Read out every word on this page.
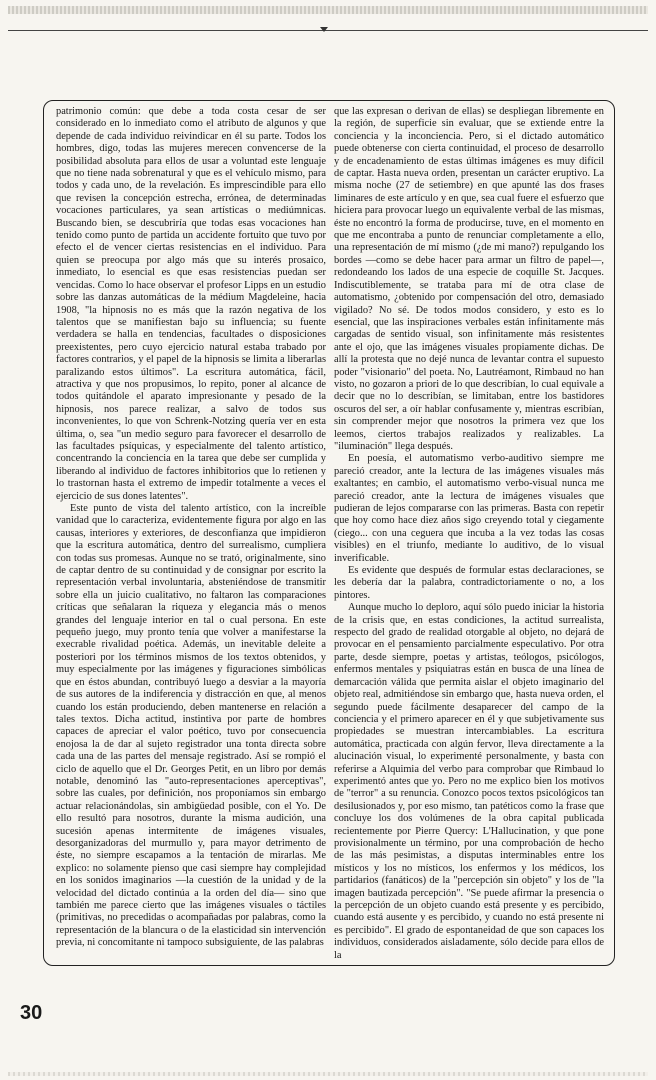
patrimonio común: que debe a toda costa cesar de ser considerado en lo inmediato como el atributo de algunos y que depende de cada individuo reivindicar en él su parte. Todos los hombres, digo, todas las mujeres merecen convencerse de la posibilidad absoluta para ellos de usar a voluntad este lenguaje que no tiene nada sobrenatural y que es el vehículo mismo, para todos y cada uno, de la revelación. Es imprescindible para ello que revisen la concepción estrecha, errónea, de determinadas vocaciones particulares, ya sean artísticas o mediúmnicas. Buscando bien, se descubriría que todas esas vocaciones han tenido como punto de partida un accidente fortuito que tuvo por efecto el de vencer ciertas resistencias en el individuo. Para quien se preocupa por algo más que su interés prosaico, inmediato, lo esencial es que esas resistencias puedan ser vencidas. Como lo hace observar el profesor Lipps en un estudio sobre las danzas automáticas de la médium Magdeleine, hacia 1908, "la hipnosis no es más que la razón negativa de los talentos que se manifiestan bajo su influencia; su fuente verdadera se halla en tendencias, facultades o disposiciones preexistentes, pero cuyo ejercicio natural estaba trabado por factores contrarios, y el papel de la hipnosis se limita a liberarlas paralizando estos últimos". La escritura automática, fácil, atractiva y que nos propusimos, lo repito, poner al alcance de todos quitándole el aparato impresionante y pesado de la hipnosis, nos parece realizar, a salvo de todos sus inconvenientes, lo que von Schrenk-Notzing quería ver en esta última, o, sea "un medio seguro para favorecer el desarrollo de las facultades psíquicas, y especialmente del talento artístico, concentrando la conciencia en la tarea que debe ser cumplida y liberando al individuo de factores inhibitorios que lo retienen y lo trastornan hasta el extremo de impedir totalmente a veces el ejercicio de sus dones latentes".

Este punto de vista del talento artístico, con la increíble vanidad que lo caracteriza, evidentemente figura por algo en las causas, interiores y exteriores, de desconfianza que impidieron que la escritura automática, dentro del surrealismo, cumpliera con todas sus promesas. Aunque no se trató, originalmente, sino de captar dentro de su continuidad y de consignar por escrito la representación verbal involuntaria, absteniéndose de transmitir sobre ella un juicio cualitativo, no faltaron las comparaciones críticas que señalaran la riqueza y elegancia más o menos grandes del lenguaje interior en tal o cual persona. En este pequeño juego, muy pronto tenía que volver a manifestarse la execrable rivalidad poética. Además, un inevitable deleite a posteriori por los términos mismos de los textos obtenidos, y muy especialmente por las imágenes y figuraciones simbólicas que en éstos abundan, contribuyó luego a desviar a la mayoría de sus autores de la indiferencia y distracción en que, al menos cuando los están produciendo, deben mantenerse en relación a tales textos. Dicha actitud, instintiva por parte de hombres capaces de apreciar el valor poético, tuvo por consecuencia enojosa la de dar al sujeto registrador una tonta directa sobre cada una de las partes del mensaje registrado. Así se rompió el ciclo de aquello que el Dr. Georges Petit, en un libro por demás notable, denominó las "auto-representaciones aperceptivas", sobre las cuales, por definición, nos proponíamos sin embargo actuar relacionándolas, sin ambigüedad posible, con el Yo. De ello resultó para nosotros, durante la misma audición, una sucesión apenas intermitente de imágenes visuales, desorganizadoras del murmullo y, para mayor detrimento de éste, no siempre escapamos a la tentación de mirarlas. Me explico: no solamente pienso que casi siempre hay complejidad en los sonidos imaginarios —la cuestión de la unidad y de la velocidad del dictado continúa a la orden del día— sino que también me parece cierto que las imágenes visuales o táctiles (primitivas, no precedidas o acompañadas por palabras, como la representación de la blancura o de la elasticidad sin intervención previa, ni concomitante ni tampoco subsiguiente, de las palabras

que las expresan o derivan de ellas) se despliegan libremente en la región, de superficie sin evaluar, que se extiende entre la conciencia y la inconciencia. Pero, si el dictado automático puede obtenerse con cierta continuidad, el proceso de desarrollo y de encadenamiento de estas últimas imágenes es muy difícil de captar. Hasta nueva orden, presentan un carácter eruptivo. La misma noche (27 de setiembre) en que apunté las dos frases liminares de este artículo y en que, sea cual fuere el esfuerzo que hiciera para provocar luego un equivalente verbal de las mismas, éste no encontró la forma de producirse, tuve, en el momento en que me encontraba a punto de renunciar completamente a ello, una representación de mí mismo (¿de mi mano?) repulgando los bordes —como se debe hacer para armar un filtro de papel—, redondeando los lados de una especie de coquille St. Jacques. Indiscutiblemente, se trataba para mí de otra clase de automatismo, ¿obtenido por compensación del otro, demasiado vigilado? No sé. De todos modos considero, y esto es lo esencial, que las inspiraciones verbales están infinitamente más cargadas de sentido visual, son infinitamente más resistentes ante el ojo, que las imágenes visuales propiamente dichas. De allí la protesta que no dejé nunca de levantar contra el supuesto poder "visionario" del poeta. No, Lautréamont, Rimbaud no han visto, no gozaron a priori de lo que describían, lo cual equivale a decir que no lo describían, se limitaban, entre los bastidores oscuros del ser, a oír hablar confusamente y, mientras escribían, sin comprender mejor que nosotros la primera vez que los leemos, ciertos trabajos realizados y realizables. La "iluminación" llega después.

En poesía, el automatismo verbo-auditivo siempre me pareció creador, ante la lectura de las imágenes visuales más exaltantes; en cambio, el automatismo verbo-visual nunca me pareció creador, ante la lectura de imágenes visuales que pudieran de lejos compararse con las primeras. Basta con repetir que hoy como hace diez años sigo creyendo total y ciegamente (ciego... con una ceguera que incuba a la vez todas las cosas visibles) en el triunfo, mediante lo auditivo, de lo visual inverificable.

Es evidente que después de formular estas declaraciones, se les debería dar la palabra, contradictoriamente o no, a los pintores.

Aunque mucho lo deploro, aquí sólo puedo iniciar la historia de la crisis que, en estas condiciones, la actitud surrealista, respecto del grado de realidad otorgable al objeto, no dejará de provocar en el pensamiento parcialmente especulativo. Por otra parte, desde siempre, poetas y artistas, teólogos, psicólogos, enfermos mentales y psiquiatras están en busca de una línea de demarcación válida que permita aislar el objeto imaginario del objeto real, admitiéndose sin embargo que, hasta nueva orden, el segundo puede fácilmente desaparecer del campo de la conciencia y el primero aparecer en él y que subjetivamente sus propiedades se muestran intercambiables. La escritura automática, practicada con algún fervor, lleva directamente a la alucinación visual, lo experimenté personalmente, y basta con referirse a Alquimia del verbo para comprobar que Rimbaud lo experimentó antes que yo. Pero no me explico bien los motivos de "terror" a su renuncia. Conozco pocos textos psicológicos tan desilusionados y, por eso mismo, tan patéticos como la frase que concluye los dos volúmenes de la obra capital publicada recientemente por Pierre Quercy: L'Hallucination, y que pone provisionalmente un término, por una comprobación de hecho de las más pesimistas, a disputas interminables entre los místicos y los no místicos, los enfermos y los médicos, los partidarios (fanáticos) de la "percepción sin objeto" y los de "la imagen bautizada percepción". "Se puede afirmar la presencia o la percepción de un objeto cuando está presente y es percibido, cuando está ausente y es percibido, y cuando no está presente ni es percibido". El grado de espontaneidad de que son capaces los individuos, considerados aisladamente, sólo decide para ellos de la

30
